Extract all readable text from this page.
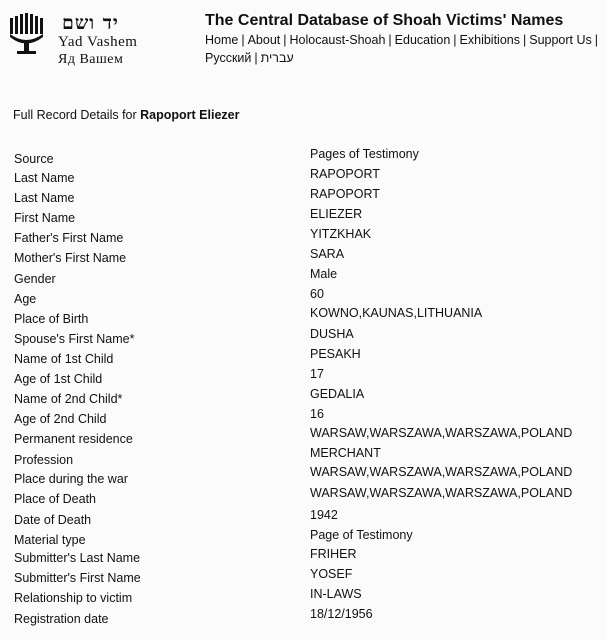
יד ושם
Yad Vashem
Яд Вашем
The Central Database of Shoah Victims' Names
Home | About | Holocaust-Shoah | Education | Exhibitions | Support Us |
Русский | עברית
Full Record Details for Rapoport Eliezer
Source	Pages of Testimony
Last Name	RAPOPORT
Last Name	RAPOPORT
First Name	ELIEZER
Father's First Name	YITZKHAK
Mother's First Name	SARA
Gender	Male
Age	60
Place of Birth	KOWNO,KAUNAS,LITHUANIA
Spouse's First Name*	DUSHA
Name of 1st Child	PESAKH
Age of 1st Child	17
Name of 2nd Child*	GEDALIA
Age of 2nd Child	16
Permanent residence	WARSAW,WARSZAWA,WARSZAWA,POLAND
Profession	MERCHANT
Place during the war	WARSAW,WARSZAWA,WARSZAWA,POLAND
Place of Death	WARSAW,WARSZAWA,WARSZAWA,POLAND
Date of Death	1942
Material type	Page of Testimony
Submitter's Last Name	FRIHER
Submitter's First Name	YOSEF
Relationship to victim	IN-LAWS
Registration date	18/12/1956
